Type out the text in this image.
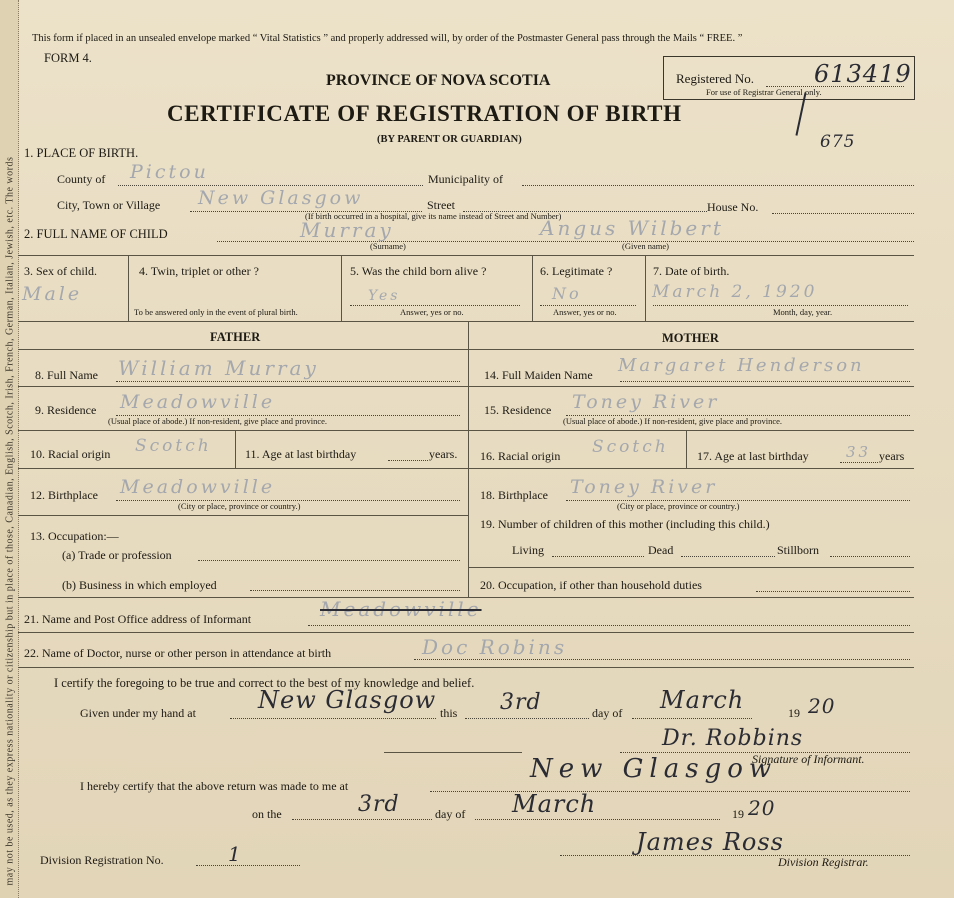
may not be used, as they express nationality or citizenship but in place of those, Canadian, English, Scotch, Irish, French, German, Italian, Jewish, etc. The words
This form if placed in an unsealed envelope marked “ Vital Statistics ” and properly addressed will, by order of the Postmaster General pass through the Mails “ FREE. ”
FORM 4.
PROVINCE OF NOVA SCOTIA
CERTIFICATE OF REGISTRATION OF BIRTH
(BY PARENT OR GUARDIAN)
Registered No.	613419
For use of Registrar General only.
675
1. PLACE OF BIRTH.
County of Pictou	Municipality of
City, Town or Village New Glasgow	Street	House No.
(If birth occurred in a hospital, give its name instead of Street and Number)
2. FULL NAME OF CHILD	Murray
(Surname)
Angus Wilbert
(Given name)
3. Sex of child.
Male
4. Twin, triplet or other ?
To be answered only in the event of plural birth.
5. Was the child born alive ?
Yes
Answer, yes or no.
6. Legitimate ?
No
Answer, yes or no.
7. Date of birth.
March 2, 1920
Month, day, year.
FATHER	MOTHER
8. Full Name William Murray
9. Residence Meadowville
(Usual place of abode.) If non-resident, give place and province.
10. Racial origin Scotch	11. Age at last birthday	years.
12. Birthplace Meadowville
(City or place, province or country.)
13. Occupation:—
(a) Trade or profession
(b) Business in which employed
14. Full Maiden Name Margaret Henderson
15. Residence Toney River
(Usual place of abode.) If non-resident, give place and province.
16. Racial origin Scotch 17. Age at last birthday 33 years
18. Birthplace Toney River
(City or place, province or country.)
19. Number of children of this mother (including this child.)
Living	Dead	Stillborn
20. Occupation, if other than household duties
21. Name and Post Office address of Informant	Meadowville
22. Name of Doctor, nurse or other person in attendance at birth	Doc Robins
I certify the foregoing to be true and correct to the best of my knowledge and belief.
Given under my hand at	New Glasgow this 3rd	day of March	19 20
Dr. Robbins
Signature of Informant.
I hereby certify that the above return was made to me at
New Glasgow
on the	3rd	day of March	19 20
Division Registration No.	1	James Ross
Division Registrar.
